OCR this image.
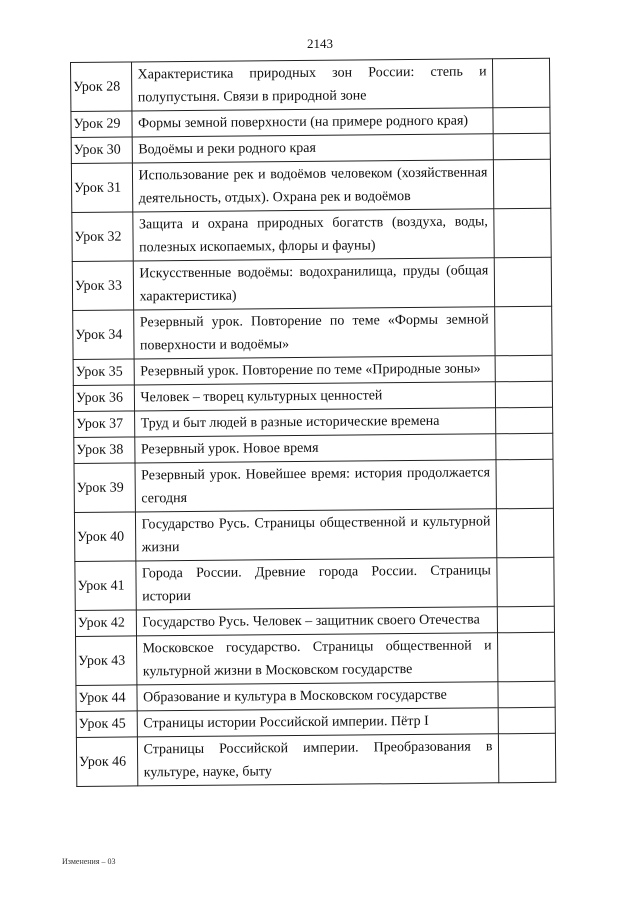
2143
Урок 28	Характеристика природных зон России: степь и полупустыня. Связи в природной зоне	
Урок 29	Формы земной поверхности (на примере родного края)	
Урок 30	Водоёмы и реки родного края	
Урок 31	Использование рек и водоёмов человеком (хозяйственная деятельность, отдых). Охрана рек и водоёмов	
Урок 32	Защита и охрана природных богатств (воздуха, воды, полезных ископаемых, флоры и фауны)	
Урок 33	Искусственные водоёмы: водохранилища, пруды (общая характеристика)	
Урок 34	Резервный урок. Повторение по теме «Формы земной поверхности и водоёмы»	
Урок 35	Резервный урок. Повторение по теме «Природные зоны»	
Урок 36	Человек – творец культурных ценностей	
Урок 37	Труд и быт людей в разные исторические времена	
Урок 38	Резервный урок. Новое время	
Урок 39	Резервный урок. Новейшее время: история продолжается сегодня	
Урок 40	Государство Русь. Страницы общественной и культурной жизни	
Урок 41	Города России. Древние города России. Страницы истории	
Урок 42	Государство Русь. Человек – защитник своего Отечества	
Урок 43	Московское государство. Страницы общественной и культурной жизни в Московском государстве	
Урок 44	Образование и культура в Московском государстве	
Урок 45	Страницы истории Российской империи. Пётр I	
Урок 46	Страницы Российской империи. Преобразования в культуре, науке, быту	
Изменения – 03
